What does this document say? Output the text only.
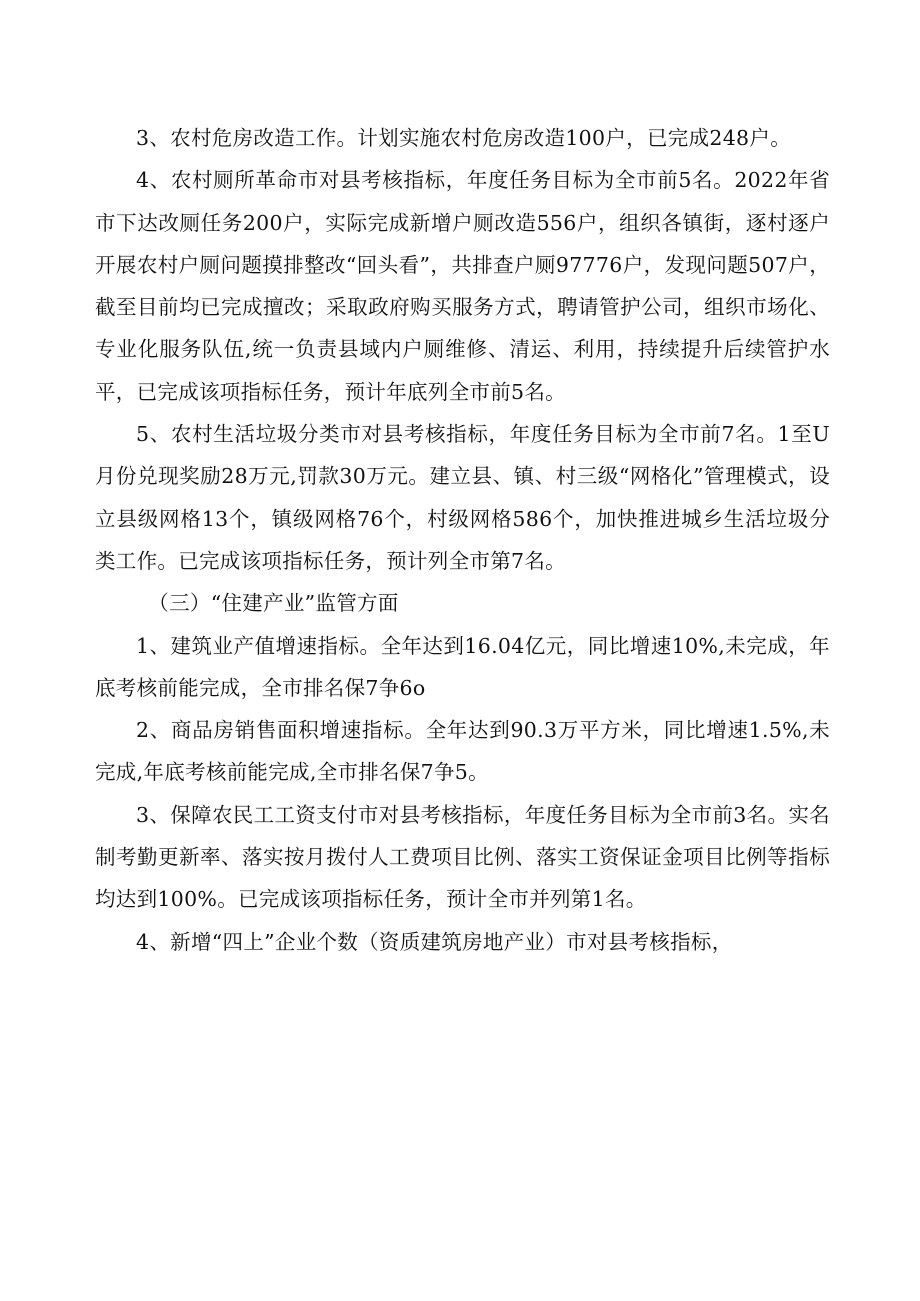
3、农村危房改造工作。计划实施农村危房改造100户，已完成248户。

4、农村厕所革命市对县考核指标，年度任务目标为全市前5名。2022年省市下达改厕任务200户，实际完成新增户厕改造556户，组织各镇街，逐村逐户开展农村户厕问题摸排整改“回头看”，共排查户厕97776户，发现问题507户，截至目前均已完成擅改；采取政府购买服务方式，聘请管护公司，组织市场化、专业化服务队伍,统一负责县域内户厕维修、清运、利用，持续提升后续管护水平，已完成该项指标任务，预计年底列全市前5名。

5、农村生活垃圾分类市对县考核指标，年度任务目标为全市前7名。1至U月份兑现奖励28万元,罚款30万元。建立县、镇、村三级“网格化”管理模式，设立县级网格13个，镇级网格76个，村级网格586个，加快推进城乡生活垃圾分类工作。已完成该项指标任务，预计列全市第7名。

（三）“住建产业”监管方面

1、建筑业产值增速指标。全年达到16.04亿元，同比增速10%,未完成，年底考核前能完成，全市排名保7争6o

2、商品房销售面积增速指标。全年达到90.3万平方米，同比增速1.5%,未完成,年底考核前能完成,全市排名保7争5。

3、保障农民工工资支付市对县考核指标，年度任务目标为全市前3名。实名制考勤更新率、落实按月拨付人工费项目比例、落实工资保证金项目比例等指标均达到100%。已完成该项指标任务，预计全市并列第1名。

4、新增“四上”企业个数（资质建筑房地产业）市对县考核指标，
